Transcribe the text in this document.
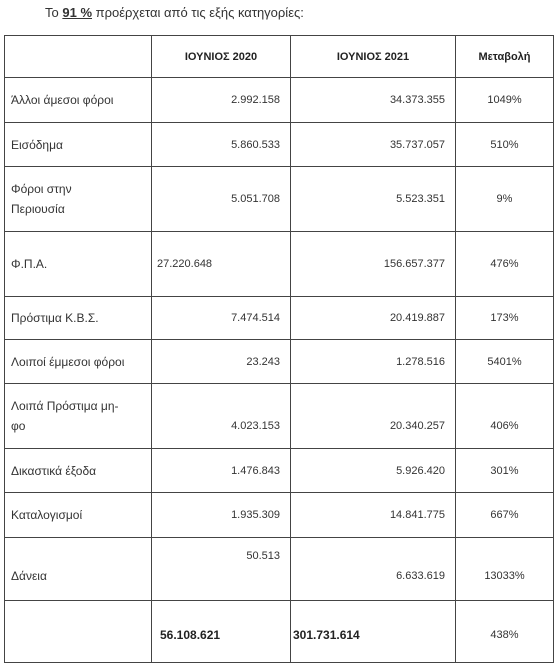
Το 91 % προέρχεται από τις εξής κατηγορίες:
	ΙΟΥΝΙΟΣ 2020	ΙΟΥΝΙΟΣ 2021	Μεταβολή
Άλλοι άμεσοι φόροι	2.992.158	34.373.355	1049%
Εισόδημα	5.860.533	35.737.057	510%

Φόροι στην
Περιουσία	5.051.708	5.523.351	9%
Φ.Π.Α.	27.220.648	156.657.377	476%
Πρόστιμα Κ.Β.Σ.	7.474.514	20.419.887	173%
Λοιποί έμμεσοι φόροι	23.243	1.278.516	5401%

Λοιπά Πρόστιμα μη-
φο	4.023.153	20.340.257	406%
Δικαστικά έξοδα	1.476.843	5.926.420	301%
Καταλογισμοί	1.935.309	14.841.775	667%
Δάνεια	50.513	6.633.619	13033%
	56.108.621	301.731.614	438%
